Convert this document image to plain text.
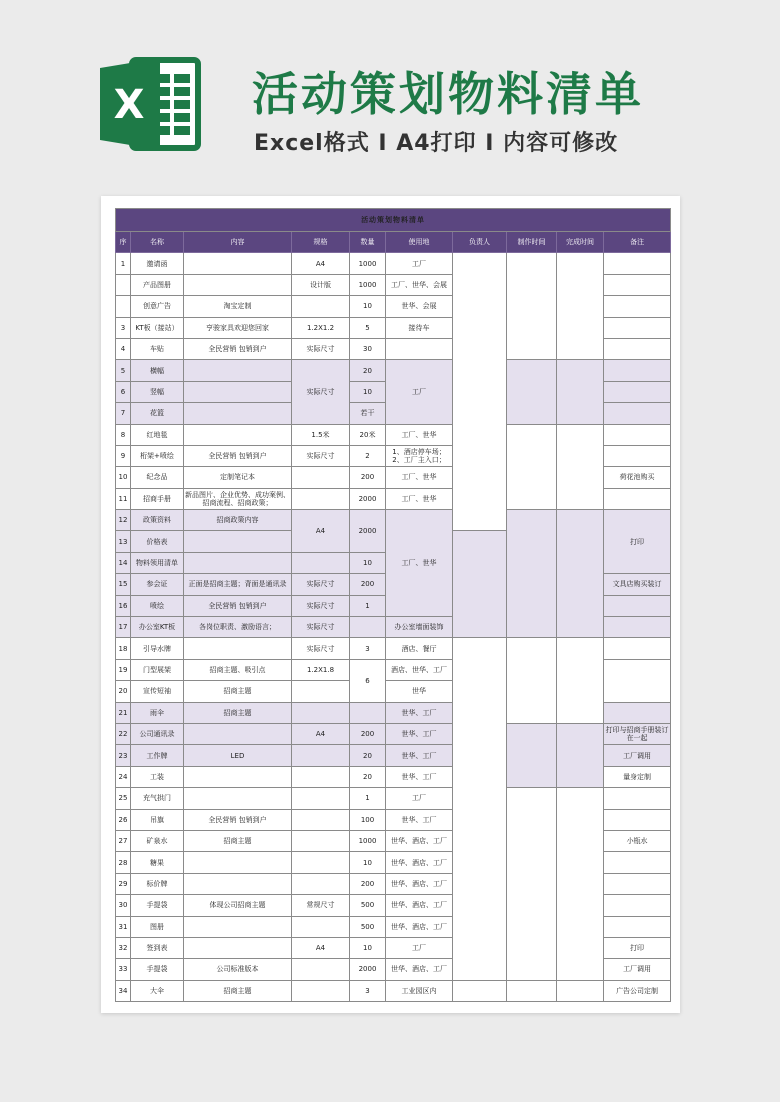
X 活动策划物料清单
Excel格式 I A4打印 I 内容可修改
活动策划物料清单									
序	名称	内容	规格	数量	使用地	负责人	制作时间	完成时间	备注
1	邀请函		A4	1000	工厂				
	产品图册		设计版	1000	工厂、世华、会展				
	创意广告	淘宝定制		10	世华、会展				
3	KT板（接站）	亨骏家具欢迎您回家	1.2X1.2	5	接待车				
4	车贴	全民营销 包销到户	实际尺寸	30					
5	横幅		实际尺寸	20	工厂				
6	竖幅			10					
7	花篮			若干					
8	红地毯		1.5米	20米	工厂、世华				
9	桁架+喷绘	全民营销 包销到户	实际尺寸	2	1、酒店停车场；2、工厂主入口；				
10	纪念品	定制笔记本		200	工厂、世华				荷花池购买
11	招商手册	新品图片、企业优势、成功案例、招商流程、招商政策；		2000	工厂、世华				
12	政策资料	招商政策内容	A4	2000	工厂、世华				打印
13	价格表								
14	物料领用清单			10					
15	参会证	正面是招商主题；背面是通讯录	实际尺寸	200					文具店购买装订
16	喷绘	全民营销 包销到户	实际尺寸	1					
17	办公室KT板	各岗位职责、激励语言；	实际尺寸		办公室墙面装饰				
18	引导水牌		实际尺寸	3	酒店、餐厅				
19	门型展架	招商主题、吸引点	1.2X1.8	6	酒店、世华、工厂				
20	宣传短袖	招商主题			世华				
21	雨伞	招商主题			世华、工厂				
22	公司通讯录		A4	200	世华、工厂				打印与招商手册装订在一起
23	工作牌	LED		20	世华、工厂				工厂调用
24	工装			20	世华、工厂				量身定制
25	充气拱门			1	工厂				
26	吊旗	全民营销 包销到户		100	世华、工厂				
27	矿泉水	招商主题		1000	世华、酒店、工厂				小瓶水
28	糖果			10	世华、酒店、工厂				
29	标价牌			200	世华、酒店、工厂				
30	手提袋	体现公司招商主题	常规尺寸	500	世华、酒店、工厂				
31	图册			500	世华、酒店、工厂				
32	签到表		A4	10	工厂				打印
33	手提袋	公司标准版本		2000	世华、酒店、工厂				工厂调用
34	大伞	招商主题		3	工业园区内				广告公司定制
